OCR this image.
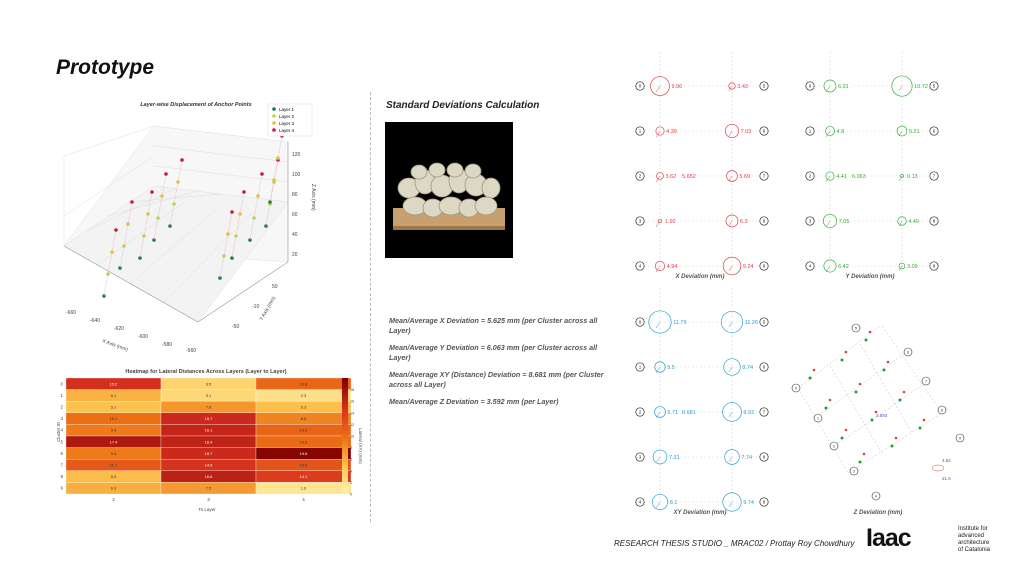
Prototype
Layer-wise Displacement of Anchor Points
-660
-640
-620
-600
-580
-560
X Axis (mm)
-50
-10
50
Y Axis (mm)
20
40
60
80
100
120
Z Axis (mm)
Layer 1
Layer 2
Layer 3
Layer 4
Heatmap for Lateral Distances Across Layers (Layer to Layer)
Cluster ID
To Layer
Lateral (XY) (mm)
0	15.2	3.5	10.8
1	6.1	3.1	2.3
2	5.1	7.8	5.3
3	10.1	15.7	8.8
4	9.4	16.1	10.9
5	17.4	16.4	10.5
6	9.4	15.7	19.6
7	11.7	14.9	12.2
8	5.5	16.6	14.1
9	6.3	7.5	1.9
2	3	4
0
2
4
6
8
10
12
14
16
18
Standard Deviations Calculation
Mean/Average X Deviation = 5.625 mm (per Cluster across all Layer)
Mean/Average Y Deviation = 6.063 mm (per Cluster across all Layer)
Mean/Average XY (Distance) Deviation = 8.681 mm (per Cluster across all Layer)
Mean/Average Z Deviation = 3.592 mm (per Layer)
0	5
9.96	3.43
1	6
4.39	7.03
2	7
3.62	5.69
3	8
1.92	6.3
4	9
4.94	9.24
5.652
0	5
6.31	10.72
1	6
4.8	5.21
2	7
4.41	0.13
3	8
7.05	4.49
4	9
6.42	3.09
6.063
0	5
11.79	11.26
1	6
5.5	8.74
2	7
5.71	9.92
3	8
7.31	7.74
4	9
8.1	9.74
8.681
X Deviation (mm)	Y Deviation (mm)
XY Deviation (mm)
5
6
0
1
2
3
4
7
8
9
3.593
4.62
21.6
Z Deviation (mm)
RESEARCH THESIS STUDIO _ MRAC02 / Prottay Roy Chowdhury Iaac	Institute for
advanced
architecture
of Catalonia
